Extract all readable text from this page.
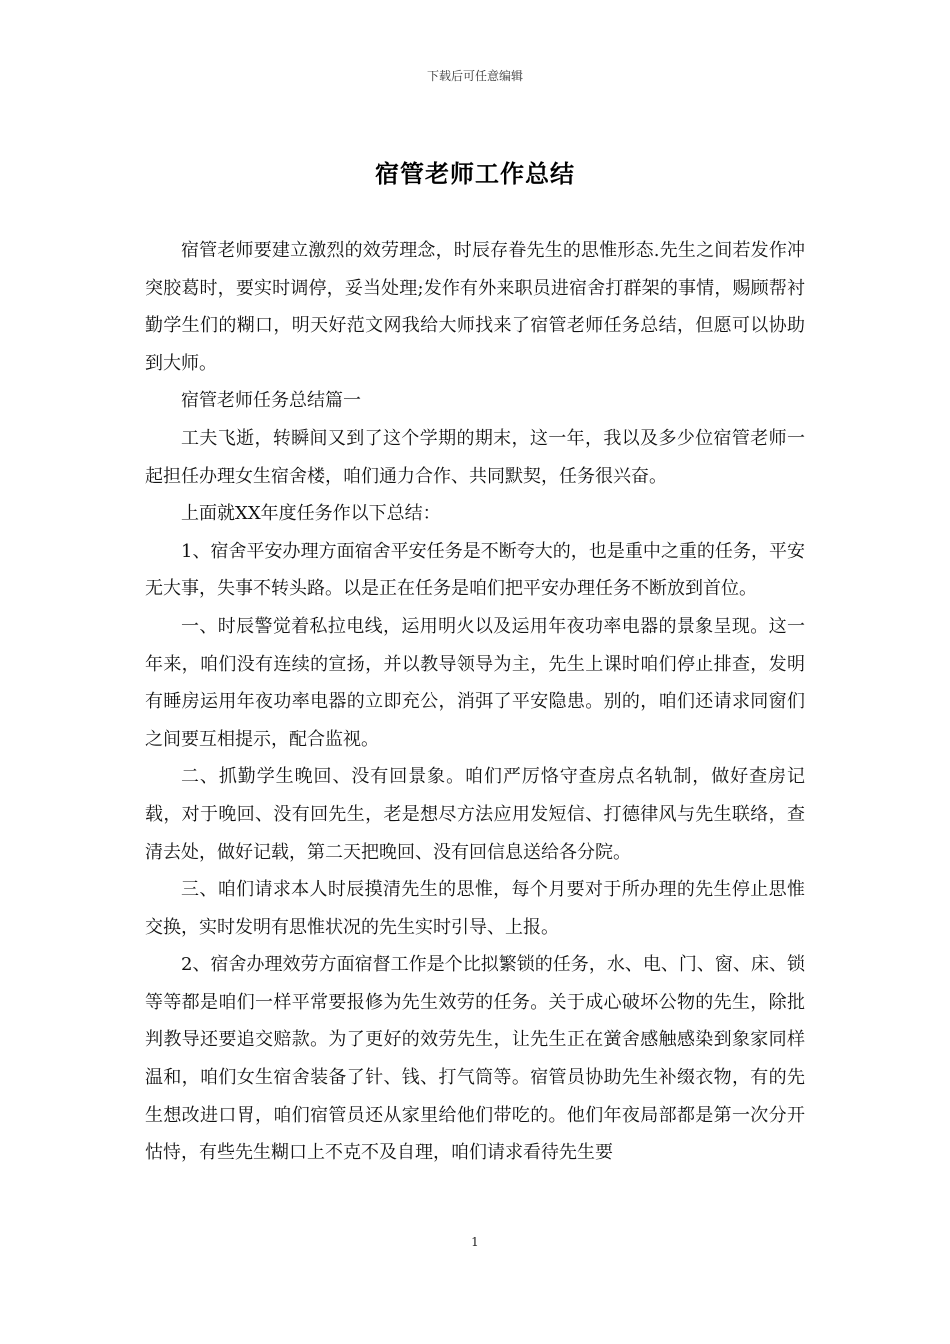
下载后可任意编辑
宿管老师工作总结

宿管老师要建立激烈的效劳理念，时辰存眷先生的思惟形态.先生之间若发作冲突胶葛时，要实时调停，妥当处理;发作有外来职员进宿舍打群架的事情，赐顾帮衬勤学生们的糊口，明天好范文网我给大师找来了宿管老师任务总结，但愿可以协助到大师。

宿管老师任务总结篇一

工夫飞逝，转瞬间又到了这个学期的期末，这一年，我以及多少位宿管老师一起担任办理女生宿舍楼，咱们通力合作、共同默契，任务很兴奋。

上面就XX年度任务作以下总结：

1、宿舍平安办理方面宿舍平安任务是不断夸大的，也是重中之重的任务，平安无大事，失事不转头路。以是正在任务是咱们把平安办理任务不断放到首位。

一、时辰警觉着私拉电线，运用明火以及运用年夜功率电器的景象呈现。这一年来，咱们没有连续的宣扬，并以教导领导为主，先生上课时咱们停止排查，发明有睡房运用年夜功率电器的立即充公，消弭了平安隐患。别的，咱们还请求同窗们之间要互相提示，配合监视。

二、抓勤学生晚回、没有回景象。咱们严厉恪守查房点名轨制，做好查房记载，对于晚回、没有回先生，老是想尽方法应用发短信、打德律风与先生联络，查清去处，做好记载，第二天把晚回、没有回信息送给各分院。

三、咱们请求本人时辰摸清先生的思惟，每个月要对于所办理的先生停止思惟交换，实时发明有思惟状况的先生实时引导、上报。

2、宿舍办理效劳方面宿督工作是个比拟繁锁的任务，水、电、门、窗、床、锁等等都是咱们一样平常要报修为先生效劳的任务。关于成心破坏公物的先生，除批判教导还要追交赔款。为了更好的效劳先生，让先生正在黉舍感触感染到象家同样温和，咱们女生宿舍装备了针、钱、打气筒等。宿管员协助先生补缀衣物，有的先生想改进口胃，咱们宿管员还从家里给他们带吃的。他们年夜局部都是第一次分开怙恃，有些先生糊口上不克不及自理，咱们请求看待先生要

1
